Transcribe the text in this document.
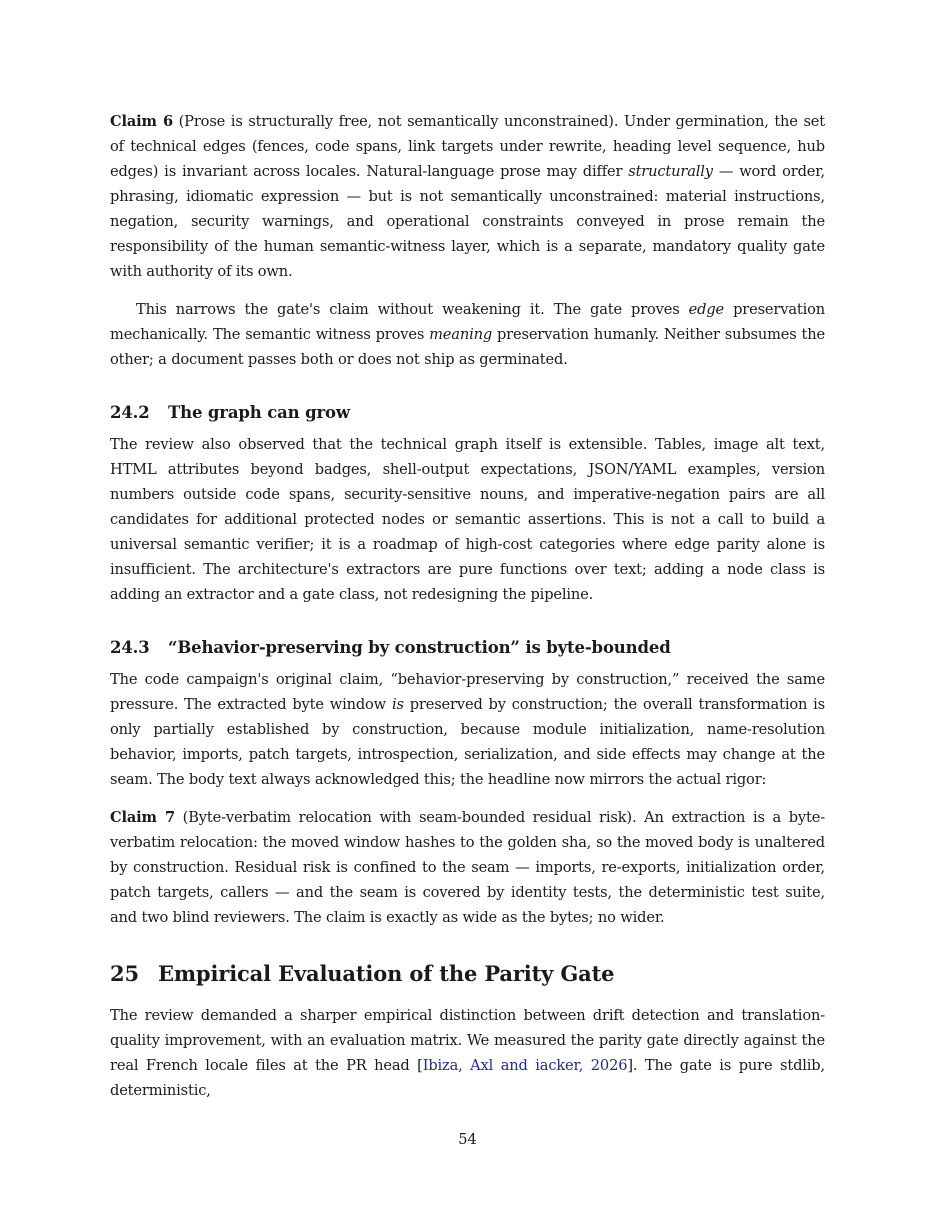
Claim 6 (Prose is structurally free, not semantically unconstrained). Under germination, the set of technical edges (fences, code spans, link targets under rewrite, heading level sequence, hub edges) is invariant across locales. Natural-language prose may differ structurally — word order, phrasing, idiomatic expression — but is not semantically unconstrained: material instructions, negation, security warnings, and operational constraints conveyed in prose remain the responsibility of the human semantic-witness layer, which is a separate, mandatory quality gate with authority of its own.

This narrows the gate's claim without weakening it. The gate proves edge preservation mechanically. The semantic witness proves meaning preservation humanly. Neither subsumes the other; a document passes both or does not ship as germinated.

24.2 The graph can grow

The review also observed that the technical graph itself is extensible. Tables, image alt text, HTML attributes beyond badges, shell-output expectations, JSON/YAML examples, version numbers outside code spans, security-sensitive nouns, and imperative-negation pairs are all candidates for additional protected nodes or semantic assertions. This is not a call to build a universal semantic verifier; it is a roadmap of high-cost categories where edge parity alone is insufficient. The architecture's extractors are pure functions over text; adding a node class is adding an extractor and a gate class, not redesigning the pipeline.

24.3 “Behavior-preserving by construction” is byte-bounded

The code campaign's original claim, “behavior-preserving by construction,” received the same pressure. The extracted byte window is preserved by construction; the overall transformation is only partially established by construction, because module initialization, name-resolution behavior, imports, patch targets, introspection, serialization, and side effects may change at the seam. The body text always acknowledged this; the headline now mirrors the actual rigor:

Claim 7 (Byte-verbatim relocation with seam-bounded residual risk). An extraction is a byte-verbatim relocation: the moved window hashes to the golden sha, so the moved body is unaltered by construction. Residual risk is confined to the seam — imports, re-exports, initialization order, patch targets, callers — and the seam is covered by identity tests, the deterministic test suite, and two blind reviewers. The claim is exactly as wide as the bytes; no wider.

25 Empirical Evaluation of the Parity Gate

The review demanded a sharper empirical distinction between drift detection and translation-quality improvement, with an evaluation matrix. We measured the parity gate directly against the real French locale files at the PR head [Ibiza, Axl and iacker, 2026]. The gate is pure stdlib, deterministic,

54
